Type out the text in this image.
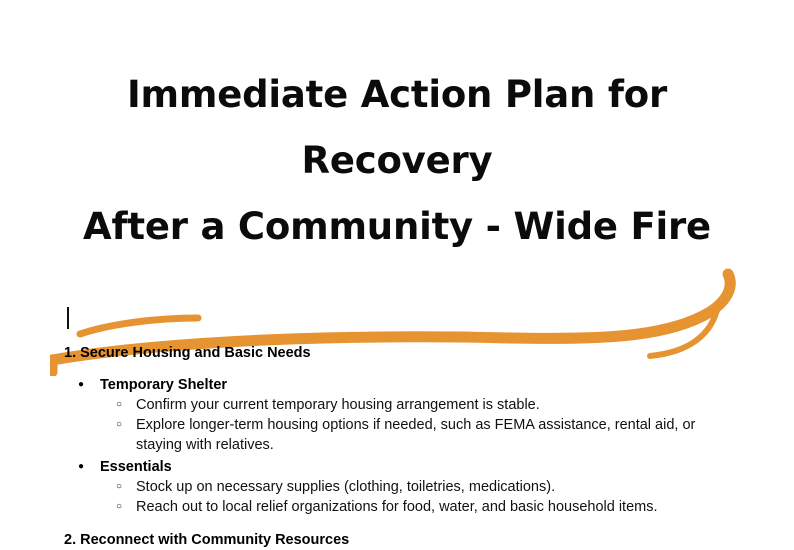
Immediate Action Plan for Recovery
After a Community - Wide Fire
1. Secure Housing and Basic Needs
● Temporary Shelter
○ Confirm your current temporary housing arrangement is stable.
○ Explore longer-term housing options if needed, such as FEMA assistance, rental aid, or staying with relatives.
● Essentials
○ Stock up on necessary supplies (clothing, toiletries, medications).
○ Reach out to local relief organizations for food, water, and basic household items.
2. Reconnect with Community Resources
